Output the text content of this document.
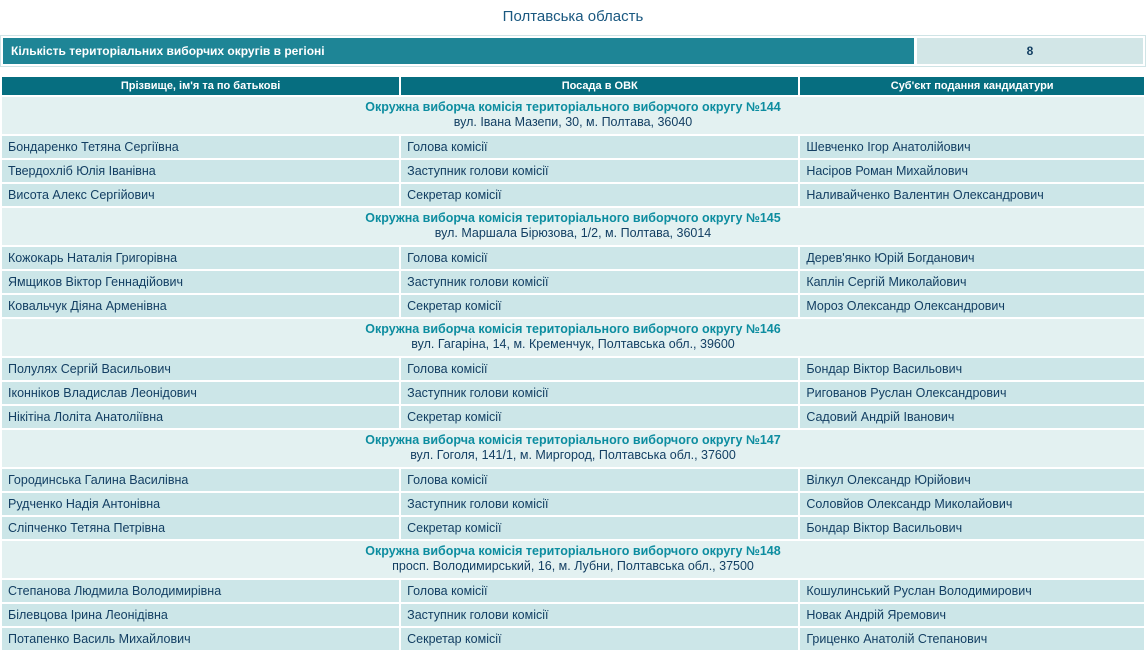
Полтавська область
Кількість територіальних виборчих округів в регіоні	8
Прізвище, ім'я та по батькові	Посада в ОВК	Суб'єкт подання кандидатури

Окружна виборча комісія територіального виборчого округу №144
вул. Івана Мазепи, 30, м. Полтава, 36040		

Бондаренко Тетяна Сергіївна	Голова комісії	Шевченко Ігор Анатолійович
Твердохліб Юлія Іванівна	Заступник голови комісії	Насіров Роман Михайлович
Висота Алекс Сергійович	Секретар комісії	Наливайченко Валентин Олександрович

Окружна виборча комісія територіального виборчого округу №145
вул. Маршала Бірюзова, 1/2, м. Полтава, 36014		

Кожокарь Наталія Григорівна	Голова комісії	Дерев'янко Юрій Богданович
Ямщиков Віктор Геннадійович	Заступник голови комісії	Каплін Сергій Миколайович
Ковальчук Діяна Арменівна	Секретар комісії	Мороз Олександр Олександрович

Окружна виборча комісія територіального виборчого округу №146
вул. Гагаріна, 14, м. Кременчук, Полтавська обл., 39600		

Полулях Сергій Васильович	Голова комісії	Бондар Віктор Васильович
Іконніков Владислав Леонідович	Заступник голови комісії	Ригованов Руслан Олександрович
Нікітіна Лоліта Анатоліївна	Секретар комісії	Садовий Андрій Іванович

Окружна виборча комісія територіального виборчого округу №147
вул. Гоголя, 141/1, м. Миргород, Полтавська обл., 37600		

Городинська Галина Василівна	Голова комісії	Вілкул Олександр Юрійович
Рудченко Надія Антонівна	Заступник голови комісії	Соловйов Олександр Миколайович
Сліпченко Тетяна Петрівна	Секретар комісії	Бондар Віктор Васильович

Окружна виборча комісія територіального виборчого округу №148
просп. Володимирський, 16, м. Лубни, Полтавська обл., 37500		

Степанова Людмила Володимирівна	Голова комісії	Кошулинський Руслан Володимирович
Білевцова Ірина Леонідівна	Заступник голови комісії	Новак Андрій Яремович
Потапенко Василь Михайлович	Секретар комісії	Гриценко Анатолій Степанович
